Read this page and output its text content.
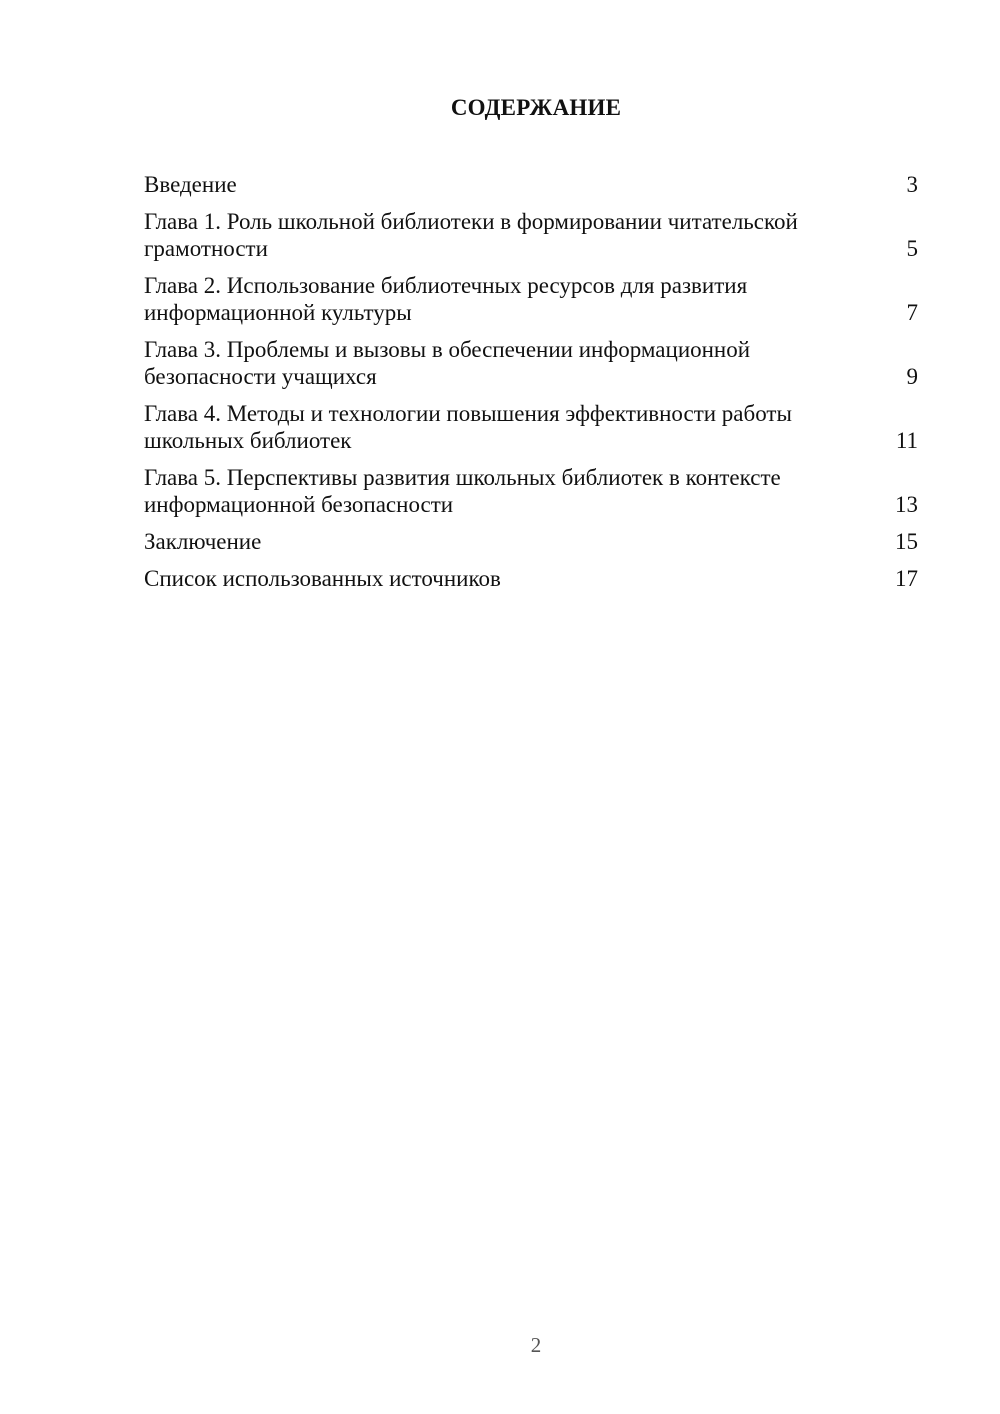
СОДЕРЖАНИЕ
Введение	3
Глава 1. Роль школьной библиотеки в формировании читательской грамотности	5
Глава 2. Использование библиотечных ресурсов для развития информационной культуры	7
Глава 3. Проблемы и вызовы в обеспечении информационной безопасности учащихся	9
Глава 4. Методы и технологии повышения эффективности работы школьных библиотек	11
Глава 5. Перспективы развития школьных библиотек в контексте информационной безопасности	13
Заключение	15
Список использованных источников	17
2
